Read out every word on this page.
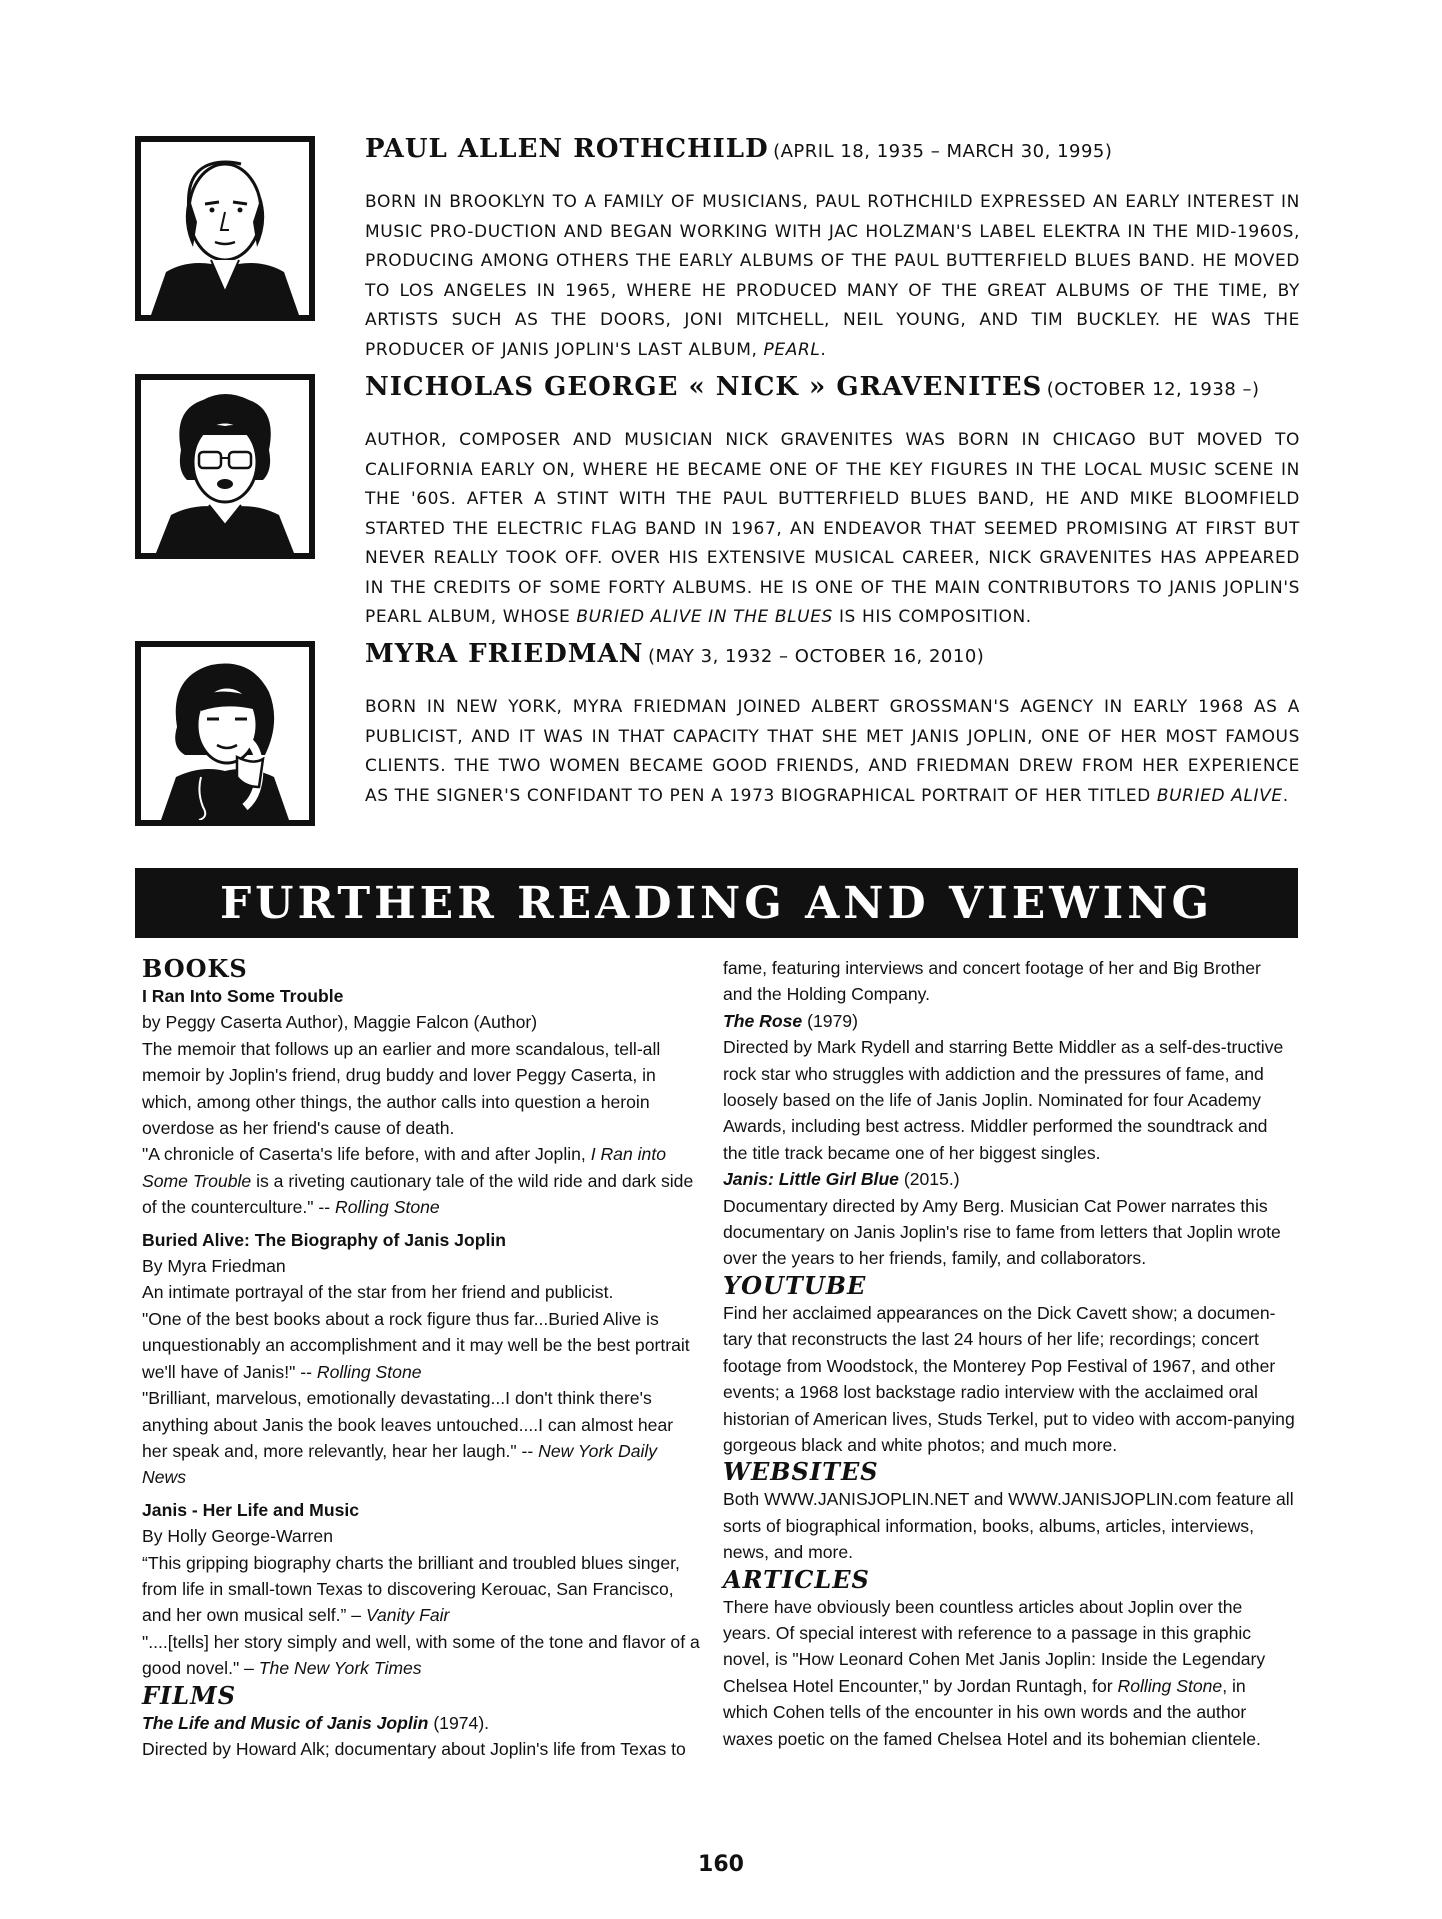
PAUL ALLEN ROTHCHILD (APRIL 18, 1935 – MARCH 30, 1995)

BORN IN BROOKLYN TO A FAMILY OF MUSICIANS, PAUL ROTHCHILD EXPRESSED AN EARLY INTEREST IN MUSIC PRO-DUCTION AND BEGAN WORKING WITH JAC HOLZMAN'S LABEL ELEKTRA IN THE MID-1960S, PRODUCING AMONG OTHERS THE EARLY ALBUMS OF THE PAUL BUTTERFIELD BLUES BAND. HE MOVED TO LOS ANGELES IN 1965, WHERE HE PRODUCED MANY OF THE GREAT ALBUMS OF THE TIME, BY ARTISTS SUCH AS THE DOORS, JONI MITCHELL, NEIL YOUNG, AND TIM BUCKLEY. HE WAS THE PRODUCER OF JANIS JOPLIN'S LAST ALBUM, PEARL.

NICHOLAS GEORGE « NICK » GRAVENITES (OCTOBER 12, 1938 –)

AUTHOR, COMPOSER AND MUSICIAN NICK GRAVENITES WAS BORN IN CHICAGO BUT MOVED TO CALIFORNIA EARLY ON, WHERE HE BECAME ONE OF THE KEY FIGURES IN THE LOCAL MUSIC SCENE IN THE '60S. AFTER A STINT WITH THE PAUL BUTTERFIELD BLUES BAND, HE AND MIKE BLOOMFIELD STARTED THE ELECTRIC FLAG BAND IN 1967, AN ENDEAVOR THAT SEEMED PROMISING AT FIRST BUT NEVER REALLY TOOK OFF. OVER HIS EXTENSIVE MUSICAL CAREER, NICK GRAVENITES HAS APPEARED IN THE CREDITS OF SOME FORTY ALBUMS. HE IS ONE OF THE MAIN CONTRIBUTORS TO JANIS JOPLIN'S PEARL ALBUM, WHOSE BURIED ALIVE IN THE BLUES IS HIS COMPOSITION.

MYRA FRIEDMAN (MAY 3, 1932 – OCTOBER 16, 2010)

BORN IN NEW YORK, MYRA FRIEDMAN JOINED ALBERT GROSSMAN'S AGENCY IN EARLY 1968 AS A PUBLICIST, AND IT WAS IN THAT CAPACITY THAT SHE MET JANIS JOPLIN, ONE OF HER MOST FAMOUS CLIENTS. THE TWO WOMEN BECAME GOOD FRIENDS, AND FRIEDMAN DREW FROM HER EXPERIENCE AS THE SIGNER'S CONFIDANT TO PEN A 1973 BIOGRAPHICAL PORTRAIT OF HER TITLED BURIED ALIVE.

FURTHER READING AND VIEWING

BOOKS

I Ran Into Some Trouble

by Peggy Caserta Author), Maggie Falcon (Author)

The memoir that follows up an earlier and more scandalous, tell-all memoir by Joplin's friend, drug buddy and lover Peggy Caserta, in which, among other things, the author calls into question a heroin overdose as her friend's cause of death.

"A chronicle of Caserta's life before, with and after Joplin, I Ran into Some Trouble is a riveting cautionary tale of the wild ride and dark side of the counterculture." -- Rolling Stone

Buried Alive: The Biography of Janis Joplin

By Myra Friedman

An intimate portrayal of the star from her friend and publicist.

"One of the best books about a rock figure thus far...Buried Alive is unquestionably an accomplishment and it may well be the best portrait we'll have of Janis!" -- Rolling Stone

"Brilliant, marvelous, emotionally devastating...I don't think there's anything about Janis the book leaves untouched....I can almost hear her speak and, more relevantly, hear her laugh." -- New York Daily News

Janis - Her Life and Music

By Holly George-Warren

“This gripping biography charts the brilliant and troubled blues singer, from life in small-town Texas to discovering Kerouac, San Francisco, and her own musical self.” – Vanity Fair

"....[tells] her story simply and well, with some of the tone and flavor of a good novel." – The New York Times

FILMS

The Life and Music of Janis Joplin (1974).

Directed by Howard Alk; documentary about Joplin's life from Texas to

fame, featuring interviews and concert footage of her and Big Brother and the Holding Company.

The Rose (1979)

Directed by Mark Rydell and starring Bette Middler as a self-des-tructive rock star who struggles with addiction and the pressures of fame, and loosely based on the life of Janis Joplin. Nominated for four Academy Awards, including best actress. Middler performed the soundtrack and the title track became one of her biggest singles.

Janis: Little Girl Blue (2015.)

Documentary directed by Amy Berg. Musician Cat Power narrates this documentary on Janis Joplin's rise to fame from letters that Joplin wrote over the years to her friends, family, and collaborators.

YOUTUBE

Find her acclaimed appearances on the Dick Cavett show; a documen-tary that reconstructs the last 24 hours of her life; recordings; concert footage from Woodstock, the Monterey Pop Festival of 1967, and other events; a 1968 lost backstage radio interview with the acclaimed oral historian of American lives, Studs Terkel, put to video with accom-panying gorgeous black and white photos; and much more.

WEBSITES

Both WWW.JANISJOPLIN.NET and WWW.JANISJOPLIN.com feature all sorts of biographical information, books, albums, articles, interviews, news, and more.

ARTICLES

There have obviously been countless articles about Joplin over the years. Of special interest with reference to a passage in this graphic novel, is "How Leonard Cohen Met Janis Joplin: Inside the Legendary Chelsea Hotel Encounter," by Jordan Runtagh, for Rolling Stone, in which Cohen tells of the encounter in his own words and the author waxes poetic on the famed Chelsea Hotel and its bohemian clientele.

160
